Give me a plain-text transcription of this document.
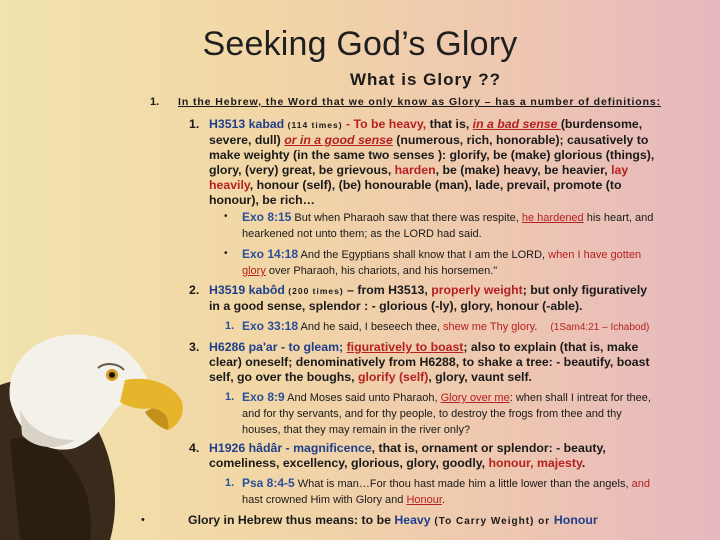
Seeking God’s Glory
What is Glory ??
1. In the Hebrew, the Word that we only know as Glory – has a number of definitions:
1. H3513 kabad (114 times) - To be heavy, that is, in a bad sense (burdensome,
severe, dull) or in a good sense (numerous, rich, honorable); causatively to
make weighty (in the same two senses ): glorify, be (make) glorious (things),
glory, (very) great, be grievous, harden, be (make) heavy, be heavier, lay
heavily, honour (self), (be) honourable (man), lade, prevail, promote (to
honour), be rich…
• Exo 8:15 But when Pharaoh saw that there was respite, he hardened his heart, and
hearkened not unto them; as the LORD had said.
• Exo 14:18 And the Egyptians shall know that I am the LORD, when I have gotten
glory over Pharaoh, his chariots, and his horsemen."
2. H3519 kabôd (200 times) – from H3513, properly weight; but only figuratively
in a good sense, splendor : - glorious (-ly), glory, honour (-able).
1. Exo 33:18 And he said, I beseech thee, shew me Thy glory. (1Sam4:21 – Ichabod)
3. H6286 pa'ar - to gleam; figuratively to boast; also to explain (that is, make
clear) oneself; denominatively from H6288, to shake a tree: - beautify, boast
self, go over the boughs, glorify (self), glory, vaunt self.
1. Exo 8:9 And Moses said unto Pharaoh, Glory over me: when shall I intreat for thee,
and for thy servants, and for thy people, to destroy the frogs from thee and thy
houses, that they may remain in the river only?
4. H1926 hâdâr - magnificence, that is, ornament or splendor: - beauty,
comeliness, excellency, glorious, glory, goodly, honour, majesty.
1. Psa 8:4-5 What is man…For thou hast made him a little lower than the angels, and
hast crowned Him with Glory and Honour.
•	Glory in Hebrew thus means: to be Heavy (To Carry Weight) or Honour
